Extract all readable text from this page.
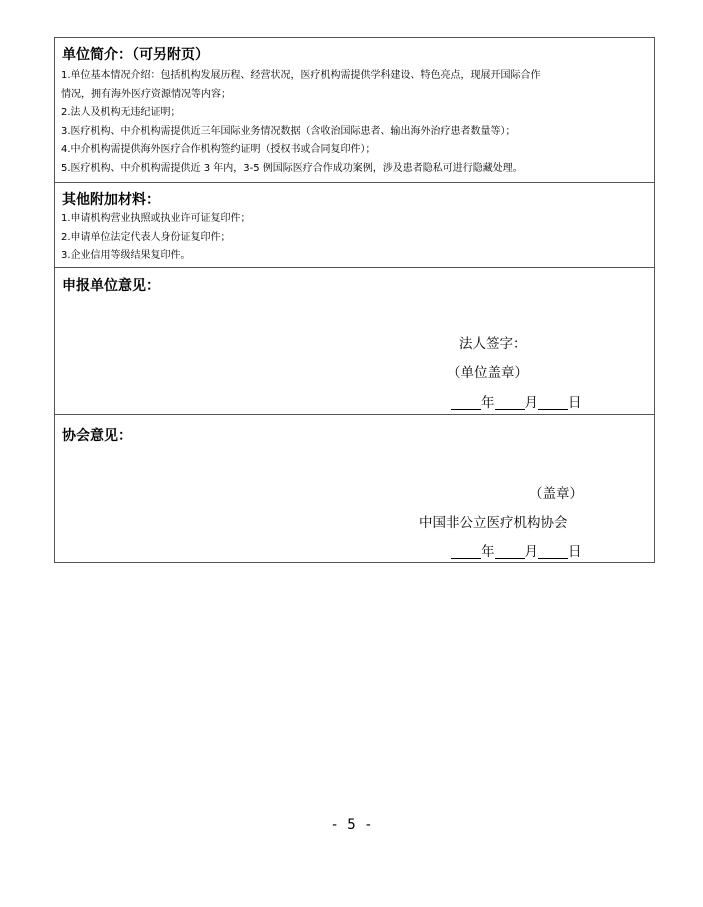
单位简介：（可另附页）
1.单位基本情况介绍：包括机构发展历程、经营状况，医疗机构需提供学科建设、特色亮点，现展开国际合作
情况，拥有海外医疗资源情况等内容；
2.法人及机构无违纪证明；
3.医疗机构、中介机构需提供近三年国际业务情况数据（含收治国际患者、输出海外治疗患者数量等）；
4.中介机构需提供海外医疗合作机构签约证明（授权书或合同复印件）；
5.医疗机构、中介机构需提供近 3 年内，3-5 例国际医疗合作成功案例，涉及患者隐私可进行隐藏处理。
其他附加材料：
1.申请机构营业执照或执业许可证复印件；
2.申请单位法定代表人身份证复印件；
3.企业信用等级结果复印件。
申报单位意见：
法人签字：
（单位盖章）
年 月 日
协会意见：
（盖章）
中国非公立医疗机构协会
年 月 日
- 5 -
